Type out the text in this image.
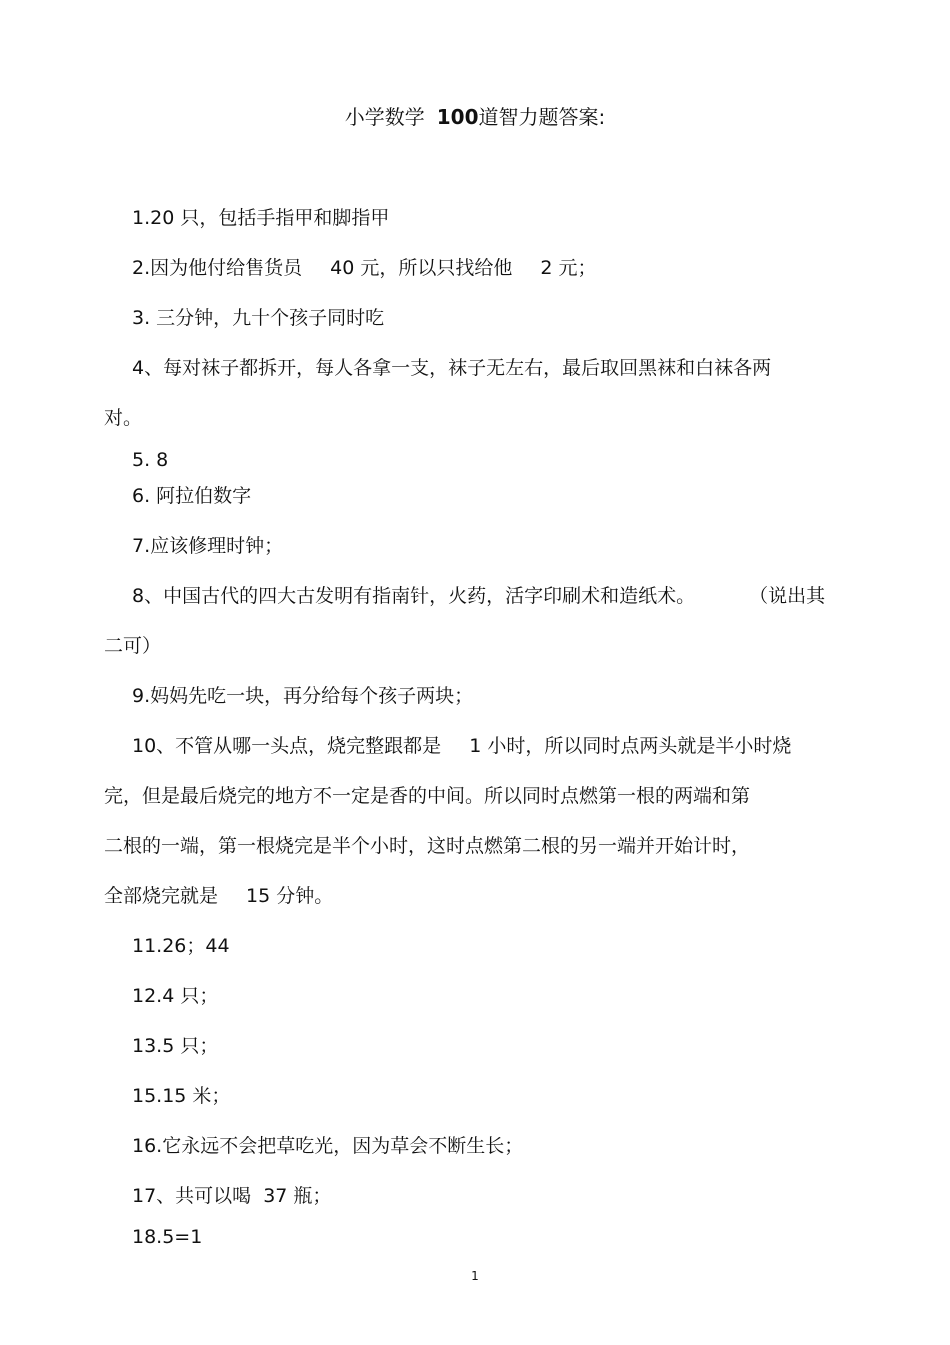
小学数学 100道智力题答案:
1.20 只，包括手指甲和脚指甲
2.因为他付给售货员 40 元，所以只找给他 2 元；
3. 三分钟，九十个孩子同时吃
4、每对袜子都拆开，每人各拿一支，袜子无左右，最后取回黑袜和白袜各两
对。
5. 8
6. 阿拉伯数字
7.应该修理时钟；
8、中国古代的四大古发明有指南针，火药，活字印刷术和造纸术。	（说出其
二可）
9.妈妈先吃一块，再分给每个孩子两块；
10、不管从哪一头点，烧完整跟都是 1 小时，所以同时点两头就是半小时烧
完，但是最后烧完的地方不一定是香的中间。所以同时点燃第一根的两端和第
二根的一端，第一根烧完是半个小时，这时点燃第二根的另一端并开始计时，
全部烧完就是 15 分钟。
11.26；44
12.4 只；
13.5 只；
15.15 米；
16.它永远不会把草吃光，因为草会不断生长；
17、共可以喝 37 瓶；
18.5=1
1
